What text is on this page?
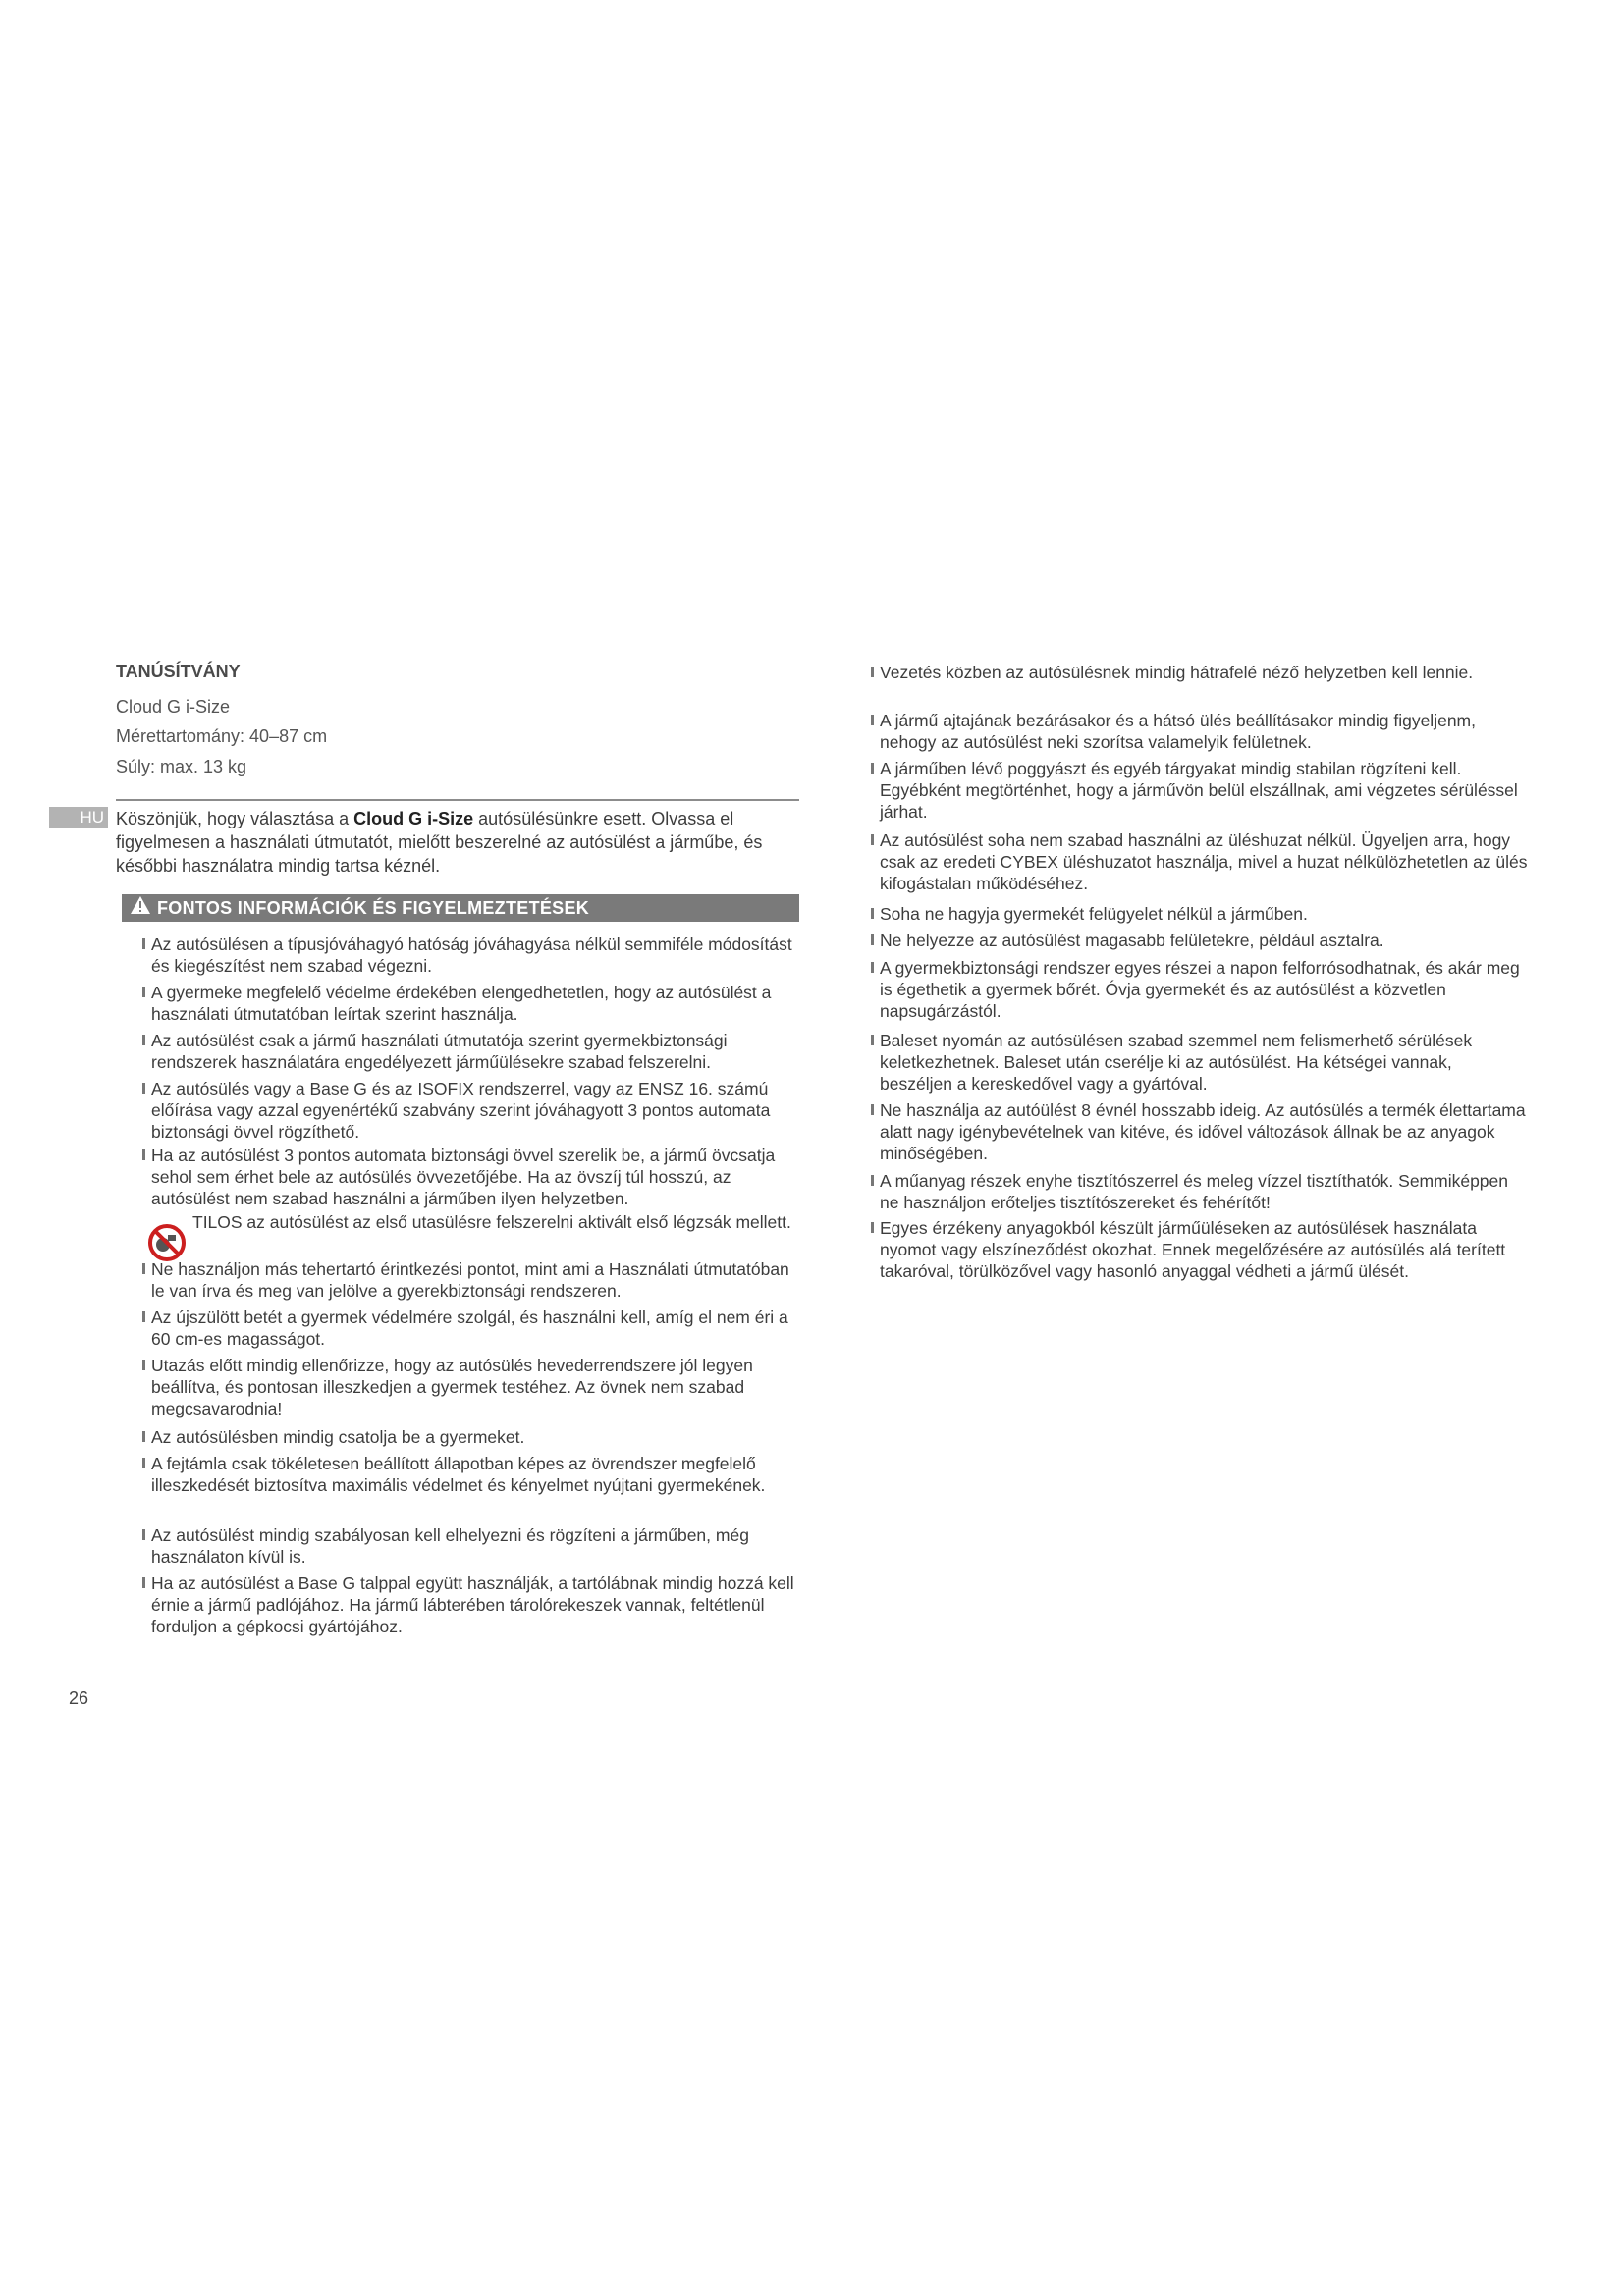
TANÚSÍTVÁNY
Cloud G i-Size
Mérettartomány: 40–87 cm
Súly: max. 13 kg
Köszönjük, hogy választása a Cloud G i-Size autósülésünkre esett. Olvassa el figyelmesen a használati útmutatót, mielőtt beszerelné az autósülést a járműbe, és későbbi használatra mindig tartsa kéznél.
FONTOS INFORMÁCIÓK ÉS FIGYELMEZTETÉSEK
Az autósülésen a típusjóváhagyó hatóság jóváhagyása nélkül semmiféle módosítást és kiegészítést nem szabad végezni.
A gyermeke megfelelő védelme érdekében elengedhetetlen, hogy az autósülést a használati útmutatóban leírtak szerint használja.
Az autósülést csak a jármű használati útmutatója szerint gyermekbiztonsági rendszerek használatára engedélyezett járműülésekre szabad felszerelni.
Az autósülés vagy a Base G és az ISOFIX rendszerrel, vagy az ENSZ 16. számú előírása vagy azzal egyenértékű szabvány szerint jóváhagyott 3 pontos automata biztonsági övvel rögzíthető.
Ha az autósülést 3 pontos automata biztonsági övvel szerelik be, a jármű övcsatja sehol sem érhet bele az autósülés övvezetőjébe. Ha az övszíj túl hosszú, az autósülést nem szabad használni a járműben ilyen helyzetben.
TILOS az autósülést az első utasülésre felszerelni aktivált első légzsák mellett.
Ne használjon más tehertartó érintkezési pontot, mint ami a Használati útmutatóban le van írva és meg van jelölve a gyerekbiztonsági rendszeren.
Az újszülött betét a gyermek védelmére szolgál, és használni kell, amíg el nem éri a 60 cm-es magasságot.
Utazás előtt mindig ellenőrizze, hogy az autósülés hevederrendszere jól legyen beállítva, és pontosan illeszkedjen a gyermek testéhez. Az övnek nem szabad megcsavarodnia!
Az autósülésben mindig csatolja be a gyermeket.
A fejtámla csak tökéletesen beállított állapotban képes az övrendszer megfelelő illeszkedését biztosítva maximális védelmet és kényelmet nyújtani gyermekének.
Az autósülést mindig szabályosan kell elhelyezni és rögzíteni a járműben, még használaton kívül is.
Ha az autósülést a Base G talppal együtt használják, a tartólábnak mindig hozzá kell érnie a jármű padlójához. Ha jármű lábterében tárolórekeszek vannak, feltétlenül forduljon a gépkocsi gyártójához.
HU
Vezetés közben az autósülésnek mindig hátrafelé néző helyzetben kell lennie.
A jármű ajtajának bezárásakor és a hátsó ülés beállításakor mindig figyeljenm, nehogy az autósülést neki szorítsa valamelyik felületnek.
A járműben lévő poggyászt és egyéb tárgyakat mindig stabilan rögzíteni kell. Egyébként megtörténhet, hogy a járművön belül elszállnak, ami végzetes sérüléssel járhat.
Az autósülést soha nem szabad használni az üléshuzat nélkül. Ügyeljen arra, hogy csak az eredeti CYBEX üléshuzatot használja, mivel a huzat nélkülözhetetlen az ülés kifogástalan működéséhez.
Soha ne hagyja gyermekét felügyelet nélkül a járműben.
Ne helyezze az autósülést magasabb felületekre, például asztalra.
A gyermekbiztonsági rendszer egyes részei a napon felforrósodhatnak, és akár meg is égethetik a gyermek bőrét. Óvja gyermekét és az autósülést a közvetlen napsugárzástól.
Baleset nyomán az autósülésen szabad szemmel nem felismerhető sérülések keletkezhetnek. Baleset után cserélje ki az autósülést. Ha kétségei vannak, beszéljen a kereskedővel vagy a gyártóval.
Ne használja az autóülést 8 évnél hosszabb ideig. Az autósülés a termék élettartama alatt nagy igénybevételnek van kitéve, és idővel változások állnak be az anyagok minőségében.
A műanyag részek enyhe tisztítószerrel és meleg vízzel tisztíthatók. Semmiképpen ne használjon erőteljes tisztítószereket és fehérítőt!
Egyes érzékeny anyagokból készült járműüléseken az autósülések használata nyomot vagy elszíneződést okozhat. Ennek megelőzésére az autósülés alá terített takaróval, törülközővel vagy hasonló anyaggal védheti a jármű ülését.
26
